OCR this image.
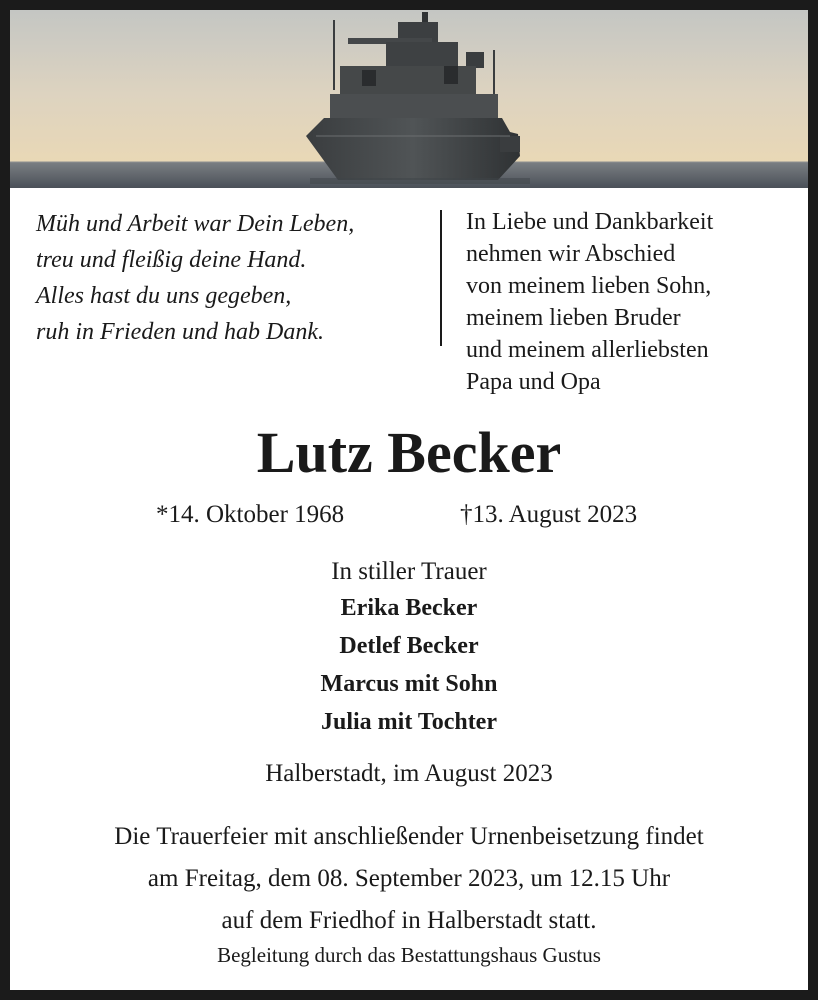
Müh und Arbeit war Dein Leben,
treu und fleißig deine Hand.
Alles hast du uns gegeben,
ruh in Frieden und hab Dank.
In Liebe und Dankbarkeit
nehmen wir Abschied
von meinem lieben Sohn,
meinem lieben Bruder
und meinem allerliebsten
Papa und Opa
Lutz Becker
*14. Oktober 1968	†13. August 2023
In stiller Trauer
Erika Becker
Detlef Becker
Marcus mit Sohn
Julia mit Tochter
Halberstadt, im August 2023
Die Trauerfeier mit anschließender Urnenbeisetzung findet
am Freitag, dem 08. September 2023, um 12.15 Uhr
auf dem Friedhof in Halberstadt statt.
Begleitung durch das Bestattungshaus Gustus
